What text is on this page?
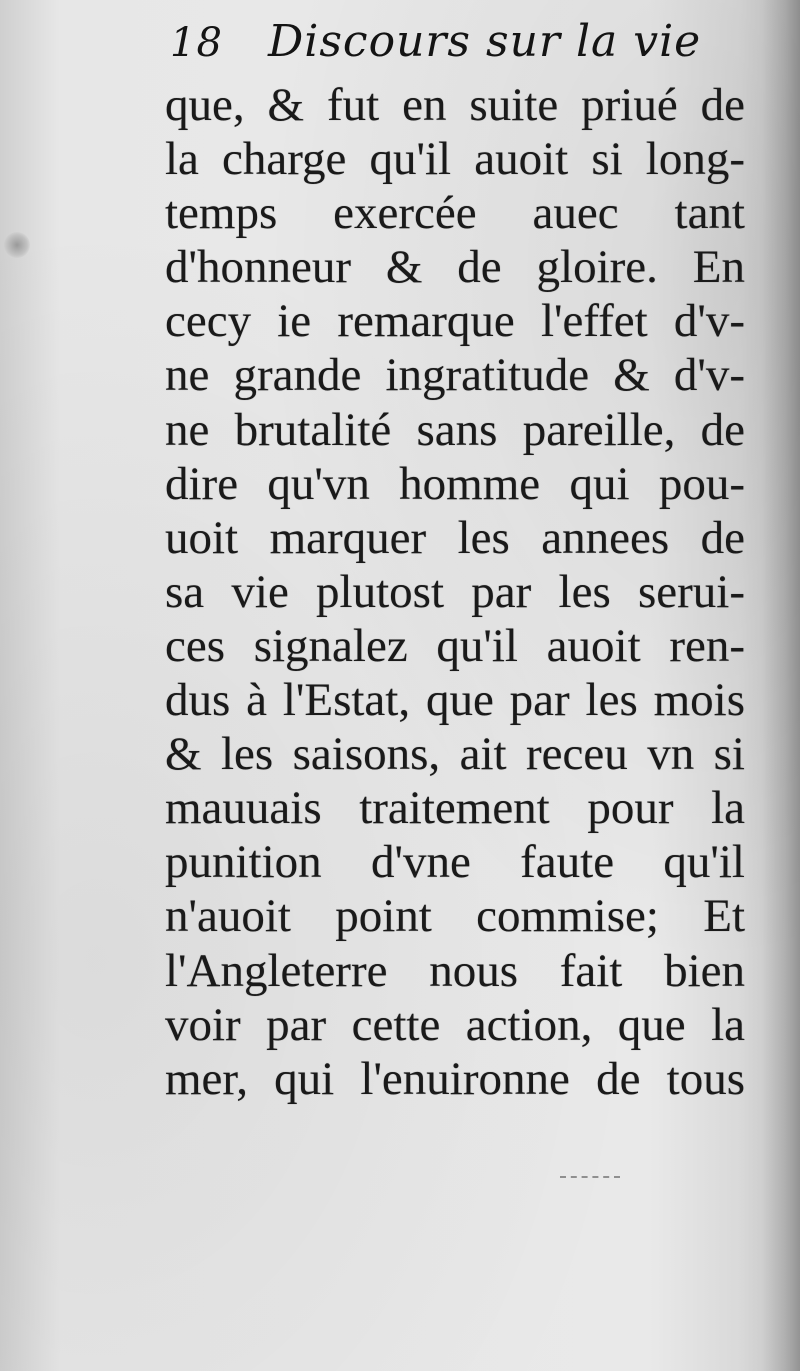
18 Discours sur la vie
que, & fut en suite priué de
la charge qu'il auoit si long-
temps exercée auec tant
d'honneur & de gloire. En
cecy ie remarque l'effet d'v-
ne grande ingratitude & d'v-
ne brutalité sans pareille, de
dire qu'vn homme qui pou-
uoit marquer les annees de
sa vie plutost par les serui-
ces signalez qu'il auoit ren-
dus à l'Estat, que par les mois
& les saisons, ait receu vn si
mauuais traitement pour la
punition d'vne faute qu'il
n'auoit point commise; Et
l'Angleterre nous fait bien
voir par cette action, que la
mer, qui l'enuironne de tous
